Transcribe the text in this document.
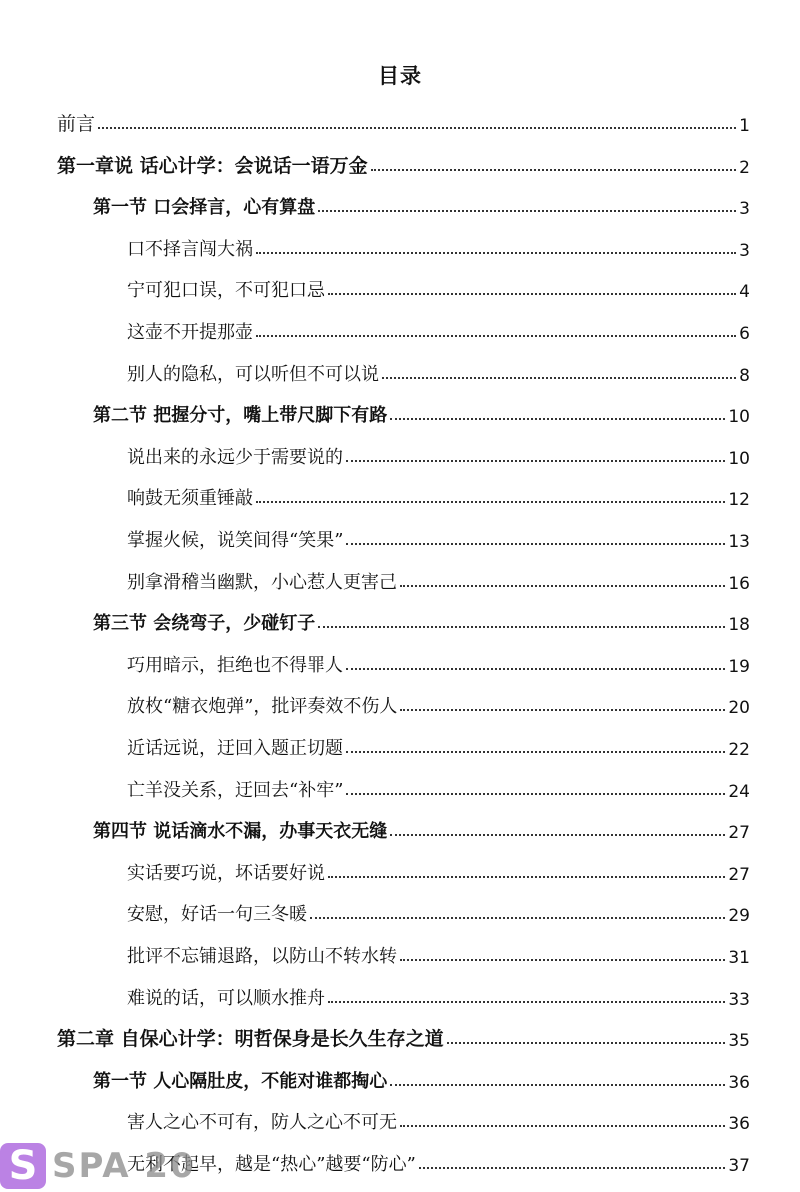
目录
前言	1
第一章说 话心计学：会说话一语万金	2
第一节 口会择言，心有算盘	3
口不择言闯大祸	3
宁可犯口误，不可犯口忌	4
这壶不开提那壶	6
别人的隐私，可以听但不可以说	8
第二节 把握分寸，嘴上带尺脚下有路	10
说出来的永远少于需要说的	10
响鼓无须重锤敲	12
掌握火候，说笑间得“笑果”	13
别拿滑稽当幽默，小心惹人更害己	16
第三节 会绕弯子，少碰钉子	18
巧用暗示，拒绝也不得罪人	19
放枚“糖衣炮弹”，批评奏效不伤人	20
近话远说，迂回入题正切题	22
亡羊没关系，迂回去“补牢”	24
第四节 说话滴水不漏，办事天衣无缝	27
实话要巧说，坏话要好说	27
安慰，好话一句三冬暖	29
批评不忘铺退路，以防山不转水转	31
难说的话，可以顺水推舟	33
第二章 自保心计学：明哲保身是长久生存之道	35
第一节 人心隔肚皮，不能对谁都掏心	36
害人之心不可有，防人之心不可无	36
无利不起早，越是“热心”越要“防心”	37
S SPA 20
